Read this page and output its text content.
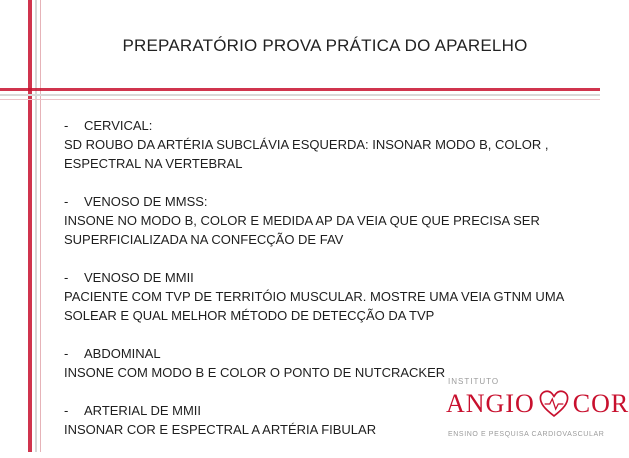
PREPARATÓRIO PROVA PRÁTICA DO APARELHO
-	CERVICAL:
SD ROUBO DA ARTÉRIA SUBCLÁVIA ESQUERDA: INSONAR MODO B, COLOR ,
ESPECTRAL NA VERTEBRAL
-	VENOSO DE MMSS:
INSONE NO MODO B, COLOR E MEDIDA AP DA VEIA QUE QUE PRECISA SER
SUPERFICIALIZADA NA CONFECÇÃO DE FAV
-	VENOSO DE MMII
PACIENTE COM TVP DE TERRITÓIO MUSCULAR. MOSTRE UMA VEIA GTNM UMA
SOLEAR E QUAL MELHOR MÉTODO DE DETECÇÃO DA TVP
-	ABDOMINAL
INSONE COM MODO B E COLOR O PONTO DE NUTCRACKER
-	ARTERIAL DE MMII
INSONAR COR E ESPECTRAL A ARTÉRIA FIBULAR
INSTITUTO
ANGIO COR
ENSINO E PESQUISA CARDIOVASCULAR
